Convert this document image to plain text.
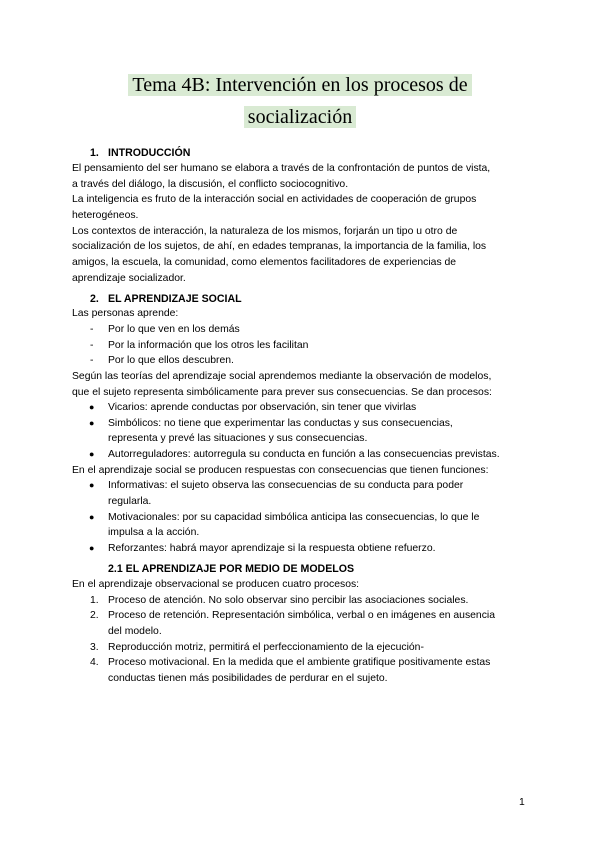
Tema 4B: Intervención en los procesos de
socialización
1. INTRODUCCIÓN
El pensamiento del ser humano se elabora a través de la confrontación de puntos de vista,
a través del diálogo, la discusión, el conflicto sociocognitivo.
La inteligencia es fruto de la interacción social en actividades de cooperación de grupos
heterogéneos.
Los contextos de interacción, la naturaleza de los mismos, forjarán un tipo u otro de
socialización de los sujetos, de ahí, en edades tempranas, la importancia de la familia, los
amigos, la escuela, la comunidad, como elementos facilitadores de experiencias de
aprendizaje socializador.
2. EL APRENDIZAJE SOCIAL
Las personas aprende:
- Por lo que ven en los demás
- Por la información que los otros les facilitan
- Por lo que ellos descubren.
Según las teorías del aprendizaje social aprendemos mediante la observación de modelos,
que el sujeto representa simbólicamente para prever sus consecuencias. Se dan procesos:
● Vicarios: aprende conductas por observación, sin tener que vivirlas
● Simbólicos: no tiene que experimentar las conductas y sus consecuencias,
representa y prevé las situaciones y sus consecuencias.
● Autorreguladores: autorregula su conducta en función a las consecuencias previstas.
En el aprendizaje social se producen respuestas con consecuencias que tienen funciones:
● Informativas: el sujeto observa las consecuencias de su conducta para poder
regularla.
● Motivacionales: por su capacidad simbólica anticipa las consecuencias, lo que le
impulsa a la acción.
● Reforzantes: habrá mayor aprendizaje si la respuesta obtiene refuerzo.
2.1 EL APRENDIZAJE POR MEDIO DE MODELOS
En el aprendizaje observacional se producen cuatro procesos:
1. Proceso de atención. No solo observar sino percibir las asociaciones sociales.
2. Proceso de retención. Representación simbólica, verbal o en imágenes en ausencia
del modelo.
3. Reproducción motriz, permitirá el perfeccionamiento de la ejecución-
4. Proceso motivacional. En la medida que el ambiente gratifique positivamente estas
conductas tienen más posibilidades de perdurar en el sujeto.
1
